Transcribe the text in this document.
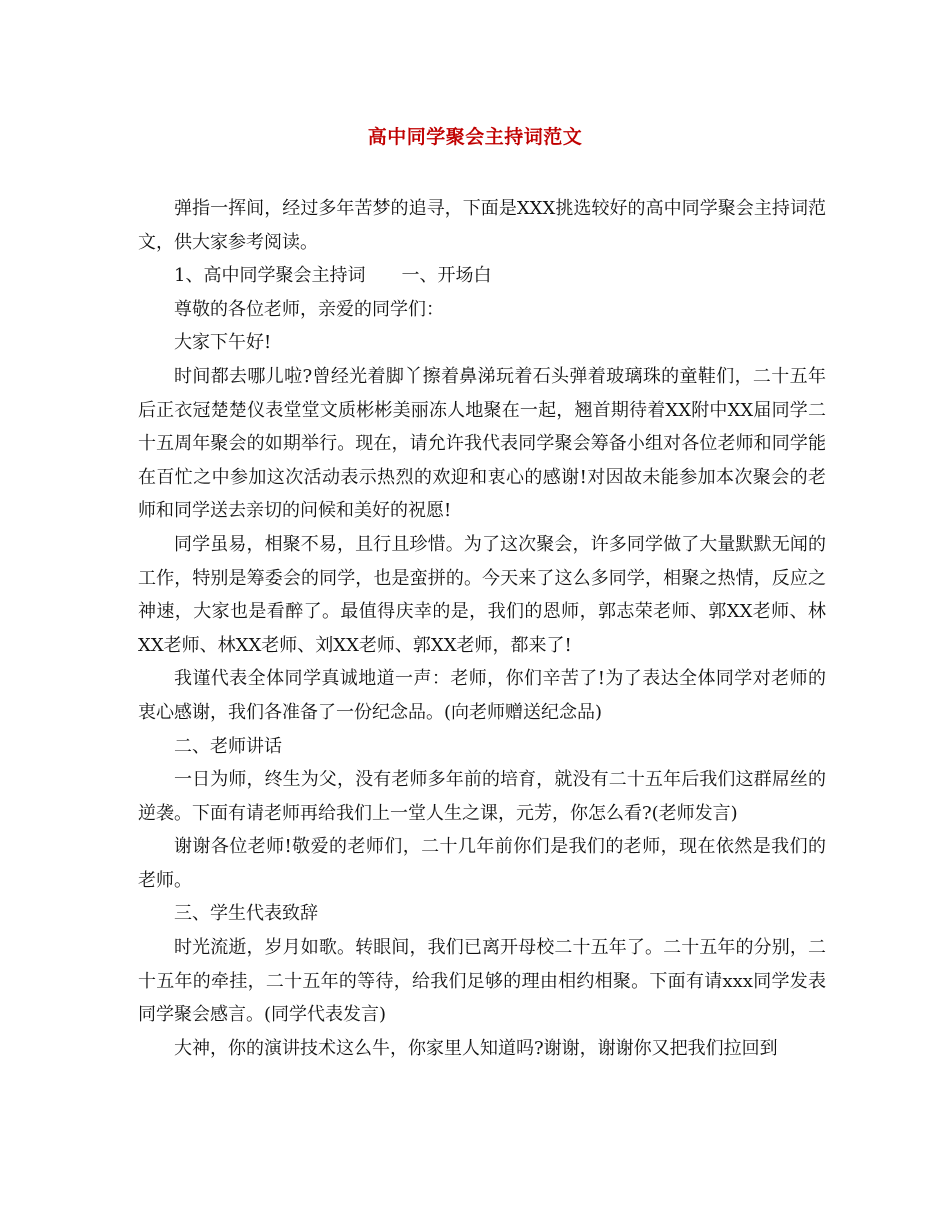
高中同学聚会主持词范文

弹指一挥间，经过多年苦梦的追寻，下面是XXX挑选较好的高中同学聚会主持词范文，供大家参考阅读。

1、高中同学聚会主持词　　一、开场白

尊敬的各位老师，亲爱的同学们：

大家下午好!

时间都去哪儿啦?曾经光着脚丫擦着鼻涕玩着石头弹着玻璃珠的童鞋们，二十五年后正衣冠楚楚仪表堂堂文质彬彬美丽冻人地聚在一起，翘首期待着XX附中XX届同学二十五周年聚会的如期举行。现在，请允许我代表同学聚会筹备小组对各位老师和同学能在百忙之中参加这次活动表示热烈的欢迎和衷心的感谢!对因故未能参加本次聚会的老师和同学送去亲切的问候和美好的祝愿!

同学虽易，相聚不易，且行且珍惜。为了这次聚会，许多同学做了大量默默无闻的工作，特别是筹委会的同学，也是蛮拼的。今天来了这么多同学，相聚之热情，反应之神速，大家也是看醉了。最值得庆幸的是，我们的恩师，郭志荣老师、郭XX老师、林XX老师、林XX老师、刘XX老师、郭XX老师，都来了!

我谨代表全体同学真诚地道一声：老师，你们辛苦了!为了表达全体同学对老师的衷心感谢，我们各准备了一份纪念品。(向老师赠送纪念品)

二、老师讲话

一日为师，终生为父，没有老师多年前的培育，就没有二十五年后我们这群屌丝的逆袭。下面有请老师再给我们上一堂人生之课，元芳，你怎么看?(老师发言)

谢谢各位老师!敬爱的老师们，二十几年前你们是我们的老师，现在依然是我们的老师。

三、学生代表致辞

时光流逝，岁月如歌。转眼间，我们已离开母校二十五年了。二十五年的分别，二十五年的牵挂，二十五年的等待，给我们足够的理由相约相聚。下面有请xxx同学发表同学聚会感言。(同学代表发言)

大神，你的演讲技术这么牛，你家里人知道吗?谢谢，谢谢你又把我们拉回到
